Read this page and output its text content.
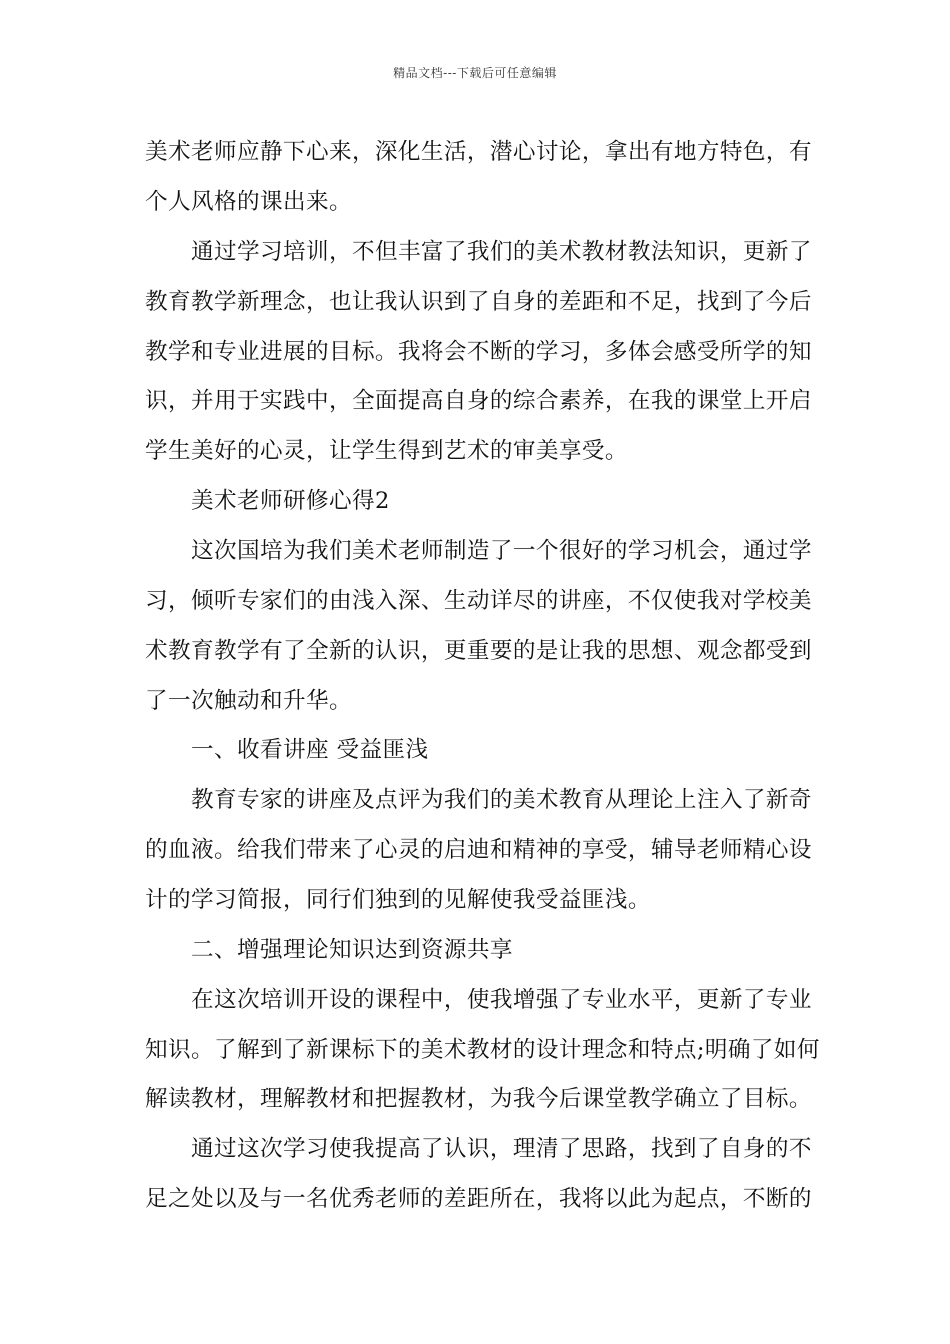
精品文档---下载后可任意编辑
美术老师应静下心来，深化生活，潜心讨论，拿出有地方特色，有
个人风格的课出来。
通过学习培训，不但丰富了我们的美术教材教法知识，更新了
教育教学新理念，也让我认识到了自身的差距和不足，找到了今后
教学和专业进展的目标。我将会不断的学习，多体会感受所学的知
识，并用于实践中，全面提高自身的综合素养，在我的课堂上开启
学生美好的心灵，让学生得到艺术的审美享受。
美术老师研修心得2
这次国培为我们美术老师制造了一个很好的学习机会，通过学
习，倾听专家们的由浅入深、生动详尽的讲座，不仅使我对学校美
术教育教学有了全新的认识，更重要的是让我的思想、观念都受到
了一次触动和升华。
一、收看讲座 受益匪浅
教育专家的讲座及点评为我们的美术教育从理论上注入了新奇
的血液。给我们带来了心灵的启迪和精神的享受，辅导老师精心设
计的学习简报，同行们独到的见解使我受益匪浅。
二、增强理论知识达到资源共享
在这次培训开设的课程中，使我增强了专业水平，更新了专业
知识。了解到了新课标下的美术教材的设计理念和特点;明确了如何
解读教材，理解教材和把握教材，为我今后课堂教学确立了目标。
通过这次学习使我提高了认识，理清了思路，找到了自身的不
足之处以及与一名优秀老师的差距所在，我将以此为起点，不断的
